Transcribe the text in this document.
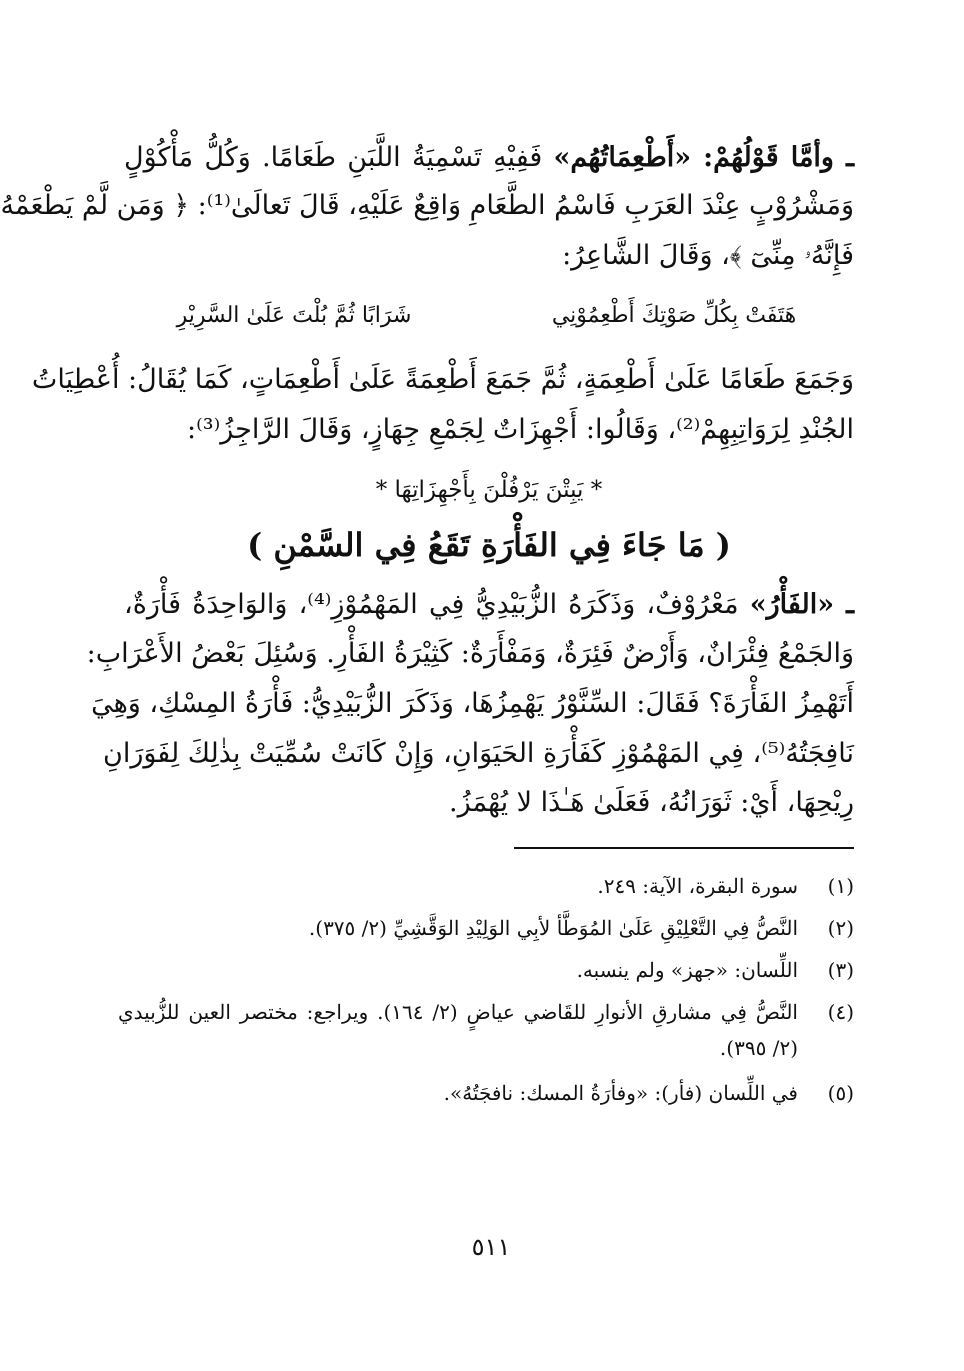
ـ وأمَّا قَوْلُهُمْ: «أَطْعِمَاتُهُم» فَفِيْهِ تَسْمِيَةُ اللَّبَنِ طَعَامًا. وَكُلُّ مَأْكُوْلٍ
وَمَشْرُوْبٍ عِنْدَ العَرَبِ فَاسْمُ الطَّعَامِ وَاقِعٌ عَلَيْهِ، قَالَ تَعالَىٰ⁽¹⁾: ﴿ وَمَن لَّمْ يَطْعَمْهُ
فَإِنَّهُۥ مِنِّىٓ ﴾، وَقَالَ الشَّاعِرُ:
هَتَفَتْ بِكُلِّ صَوْتِكَ أَطْعِمُوْنِي
شَرَابًا ثُمَّ بُلْتَ عَلَىٰ السَّرِيْرِ
وَجَمَعَ طَعَامًا عَلَىٰ أَطْعِمَةٍ، ثُمَّ جَمَعَ أَطْعِمَةً عَلَىٰ أَطْعِمَاتٍ، كَمَا يُقَالُ: أُعْطِيَاتُ
الجُنْدِ لِرَوَاتِبِهِمْ⁽²⁾، وَقَالُوا: أَجْهِزَاتٌ لِجَمْعِ جِهَازٍ، وَقَالَ الرَّاجِزُ⁽³⁾:
* يَبِتْنَ يَرْفُلْنَ بِأَجْهِزَاتِهَا *
( مَا جَاءَ فِي الفَأْرَةِ تَقَعُ فِي السَّمْنِ )
ـ «الفَأْرُ» مَعْرُوْفٌ، وَذَكَرَهُ الزُّبَيْدِيُّ فِي المَهْمُوْزِ⁽⁴⁾، وَالوَاحِدَةُ فَأْرَةٌ،
وَالجَمْعُ فِئْرَانٌ، وَأَرْضٌ فَئِرَةٌ، وَمَفْأَرَةٌ: كَثِيْرَةُ الفَأْرِ. وَسُئِلَ بَعْضُ الأَعْرَابِ:
أَتَهْمِزُ الفَأْرَةَ؟ فَقَالَ: السِّنَّوْرُ يَهْمِزُهَا، وَذَكَرَ الزُّبَيْدِيُّ: فَأْرَةُ المِسْكِ، وَهِيَ
نَافِجَتُهُ⁽⁵⁾، فِي المَهْمُوْزِ كَفَأْرَةِ الحَيَوَانِ، وَإِنْ كَانَتْ سُمِّيَتْ بِذٰلِكَ لِفَوَرَانِ
رِيْحِهَا، أَيْ: ثَوَرَانُهُ، فَعَلَىٰ هَـٰذَا لا يُهْمَزُ.
(١)
سورة البقرة، الآية: ٢٤٩.
(٢)
النَّصُّ فِي التَّعْلِيْقِ عَلَىٰ المُوَطَّأ لأبِي الوَلِيْدِ الوَقَّشِيِّ (٢/ ٣٧٥).
(٣)
اللِّسان: «جهز» ولم ينسبه.
(٤)
النَّصُّ فِي مشارقِ الأنوارِ للقَاضي عياضٍ (٢/ ١٦٤). ويراجع: مختصر العين للزُّبيدي (٢/ ٣٩٥).
(٥)
في اللِّسان (فأر): «وفأرَةُ المسك: نافجَتُهُ».
٥١١
